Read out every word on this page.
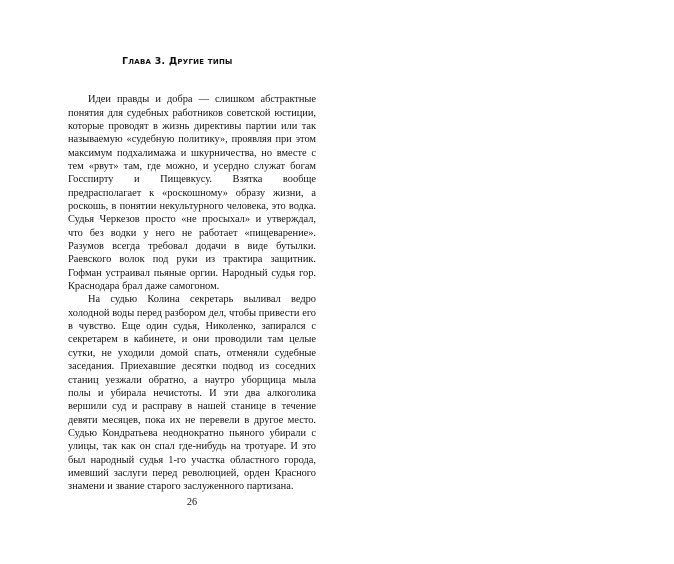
Глава 3. Другие типы

Идеи правды и добра — слишком абстрактные понятия для судебных работников советской юстиции, которые проводят в жизнь директивы партии или так называемую «судебную политику», проявляя при этом максимум подхалимажа и шкурничества, но вместе с тем «рвут» там, где можно, и усердно служат богам Госспирту и Пищевкусу. Взятка вообще предрасполагает к «роскошному» образу жизни, а роскошь, в понятии некультурного человека, это водка. Судья Черкезов просто «не просыхал» и утверждал, что без водки у него не работает «пищеварение». Разумов всегда требовал додачи в виде бутылки. Раевского волок под руки из трактира защитник. Гофман устраивал пьяные оргии. Народный судья гор. Краснодара брал даже самогоном.

На судью Колина секретарь выливал ведро холодной воды перед разбором дел, чтобы привести его в чувство. Еще один судья, Николенко, запирался с секретарем в кабинете, и они проводили там целые сутки, не уходили домой спать, отменяли судебные заседания. Приехавшие десятки подвод из соседних станиц уезжали обратно, а наутро уборщица мыла полы и убирала нечистоты. И эти два алкоголика вершили суд и расправу в нашей станице в течение девяти месяцев, пока их не перевели в другое место. Судью Кондратьева неоднократно пьяного убирали с улицы, так как он спал где-нибудь на тротуаре. И это был народный судья 1-го участка областного города, имевший заслуги перед революцией, орден Красного знамени и звание старого заслуженного партизана.

26
